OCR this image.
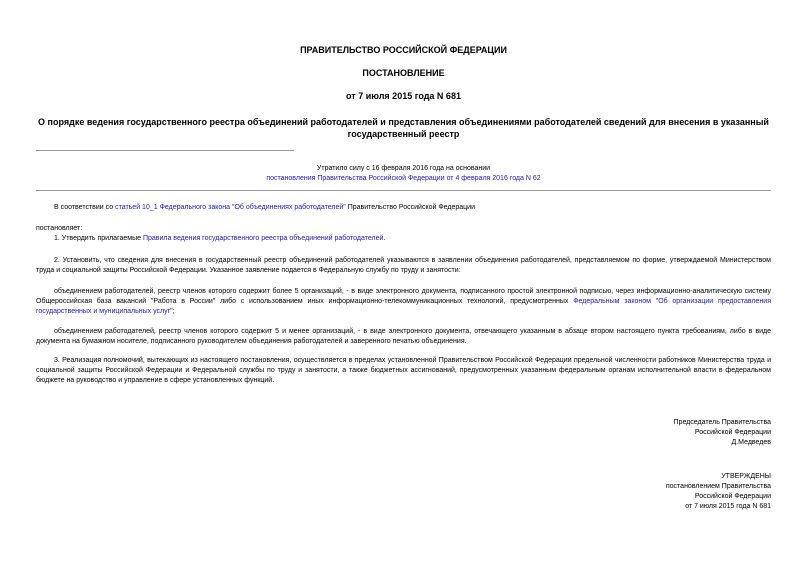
ПРАВИТЕЛЬСТВО РОССИЙСКОЙ ФЕДЕРАЦИИ
ПОСТАНОВЛЕНИЕ
от 7 июля 2015 года N 681
О порядке ведения государственного реестра объединений работодателей и представления объединениями работодателей сведений для внесения в указанный государственный реестр
Утратило силу с 16 февраля 2016 года на основании
постановления Правительства Российской Федерации от 4 февраля 2016 года N 62
В соответствии со статьей 10_1 Федерального закона "Об объединениях работодателей" Правительство Российской Федерации
постановляет:
1. Утвердить прилагаемые Правила ведения государственного реестра объединений работодателей.
2. Установить, что сведения для внесения в государственный реестр объединений работодателей указываются в заявлении объединения работодателей, представляемом по форме, утверждаемой Министерством труда и социальной защиты Российской Федерации. Указанное заявление подается в Федеральную службу по труду и занятости:
объединением работодателей, реестр членов которого содержит более 5 организаций, - в виде электронного документа, подписанного простой электронной подписью, через информационно-аналитическую систему Общероссийская база вакансий "Работа в России" либо с использованием иных информационно-телекоммуникационных технологий, предусмотренных Федеральным законом "Об организации предоставления государственных и муниципальных услуг";
объединением работодателей, реестр членов которого содержит 5 и менее организаций, - в виде электронного документа, отвечающего указанным в абзаце втором настоящего пункта требованиям, либо в виде документа на бумажном носителе, подписанного руководителем объединения работодателей и заверенного печатью объединения.
3. Реализация полномочий, вытекающих из настоящего постановления, осуществляется в пределах установленной Правительством Российской Федерации предельной численности работников Министерства труда и социальной защиты Российской Федерации и Федеральной службы по труду и занятости, а также бюджетных ассигнований, предусмотренных указанным федеральным органам исполнительной власти в федеральном бюджете на руководство и управление в сфере установленных функций.
Председатель Правительства
Российской Федерации
Д.Медведев
УТВЕРЖДЕНЫ
постановлением Правительства
Российской Федерации
от 7 июля 2015 года N 681
